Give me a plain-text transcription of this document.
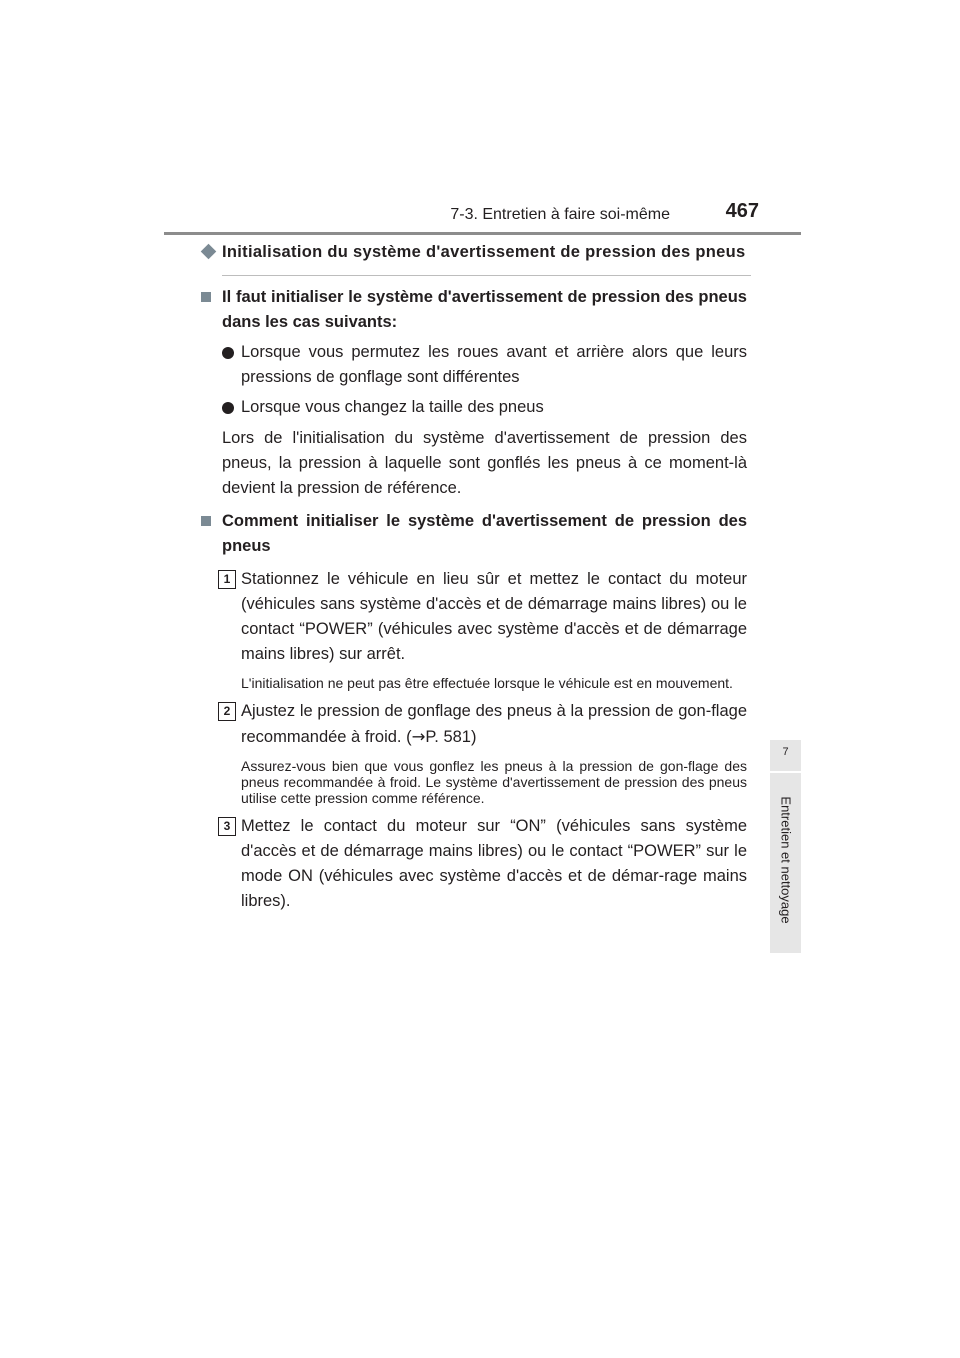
7-3. Entretien à faire soi-même	467
7
Entretien et nettoyage
Initialisation du système d'avertissement de pression des pneus
Il faut initialiser le système d'avertissement de pression des pneus dans les cas suivants:
Lorsque vous permutez les roues avant et arrière alors que leurs pressions de gonflage sont différentes
Lorsque vous changez la taille des pneus
Lors de l'initialisation du système d'avertissement de pression des pneus, la pression à laquelle sont gonflés les pneus à ce moment-là devient la pression de référence.
Comment initialiser le système d'avertissement de pression des pneus
1 Stationnez le véhicule en lieu sûr et mettez le contact du moteur (véhicules sans système d'accès et de démarrage mains libres) ou le contact “POWER” (véhicules avec système d'accès et de démarrage mains libres) sur arrêt.
L'initialisation ne peut pas être effectuée lorsque le véhicule est en mouvement.
2 Ajustez le pression de gonflage des pneus à la pression de gon-flage recommandée à froid. (→P. 581)
Assurez-vous bien que vous gonflez les pneus à la pression de gon-flage des pneus recommandée à froid. Le système d'avertissement de pression des pneus utilise cette pression comme référence.
3 Mettez le contact du moteur sur “ON” (véhicules sans système d'accès et de démarrage mains libres) ou le contact “POWER” sur le mode ON (véhicules avec système d'accès et de démar-rage mains libres).
